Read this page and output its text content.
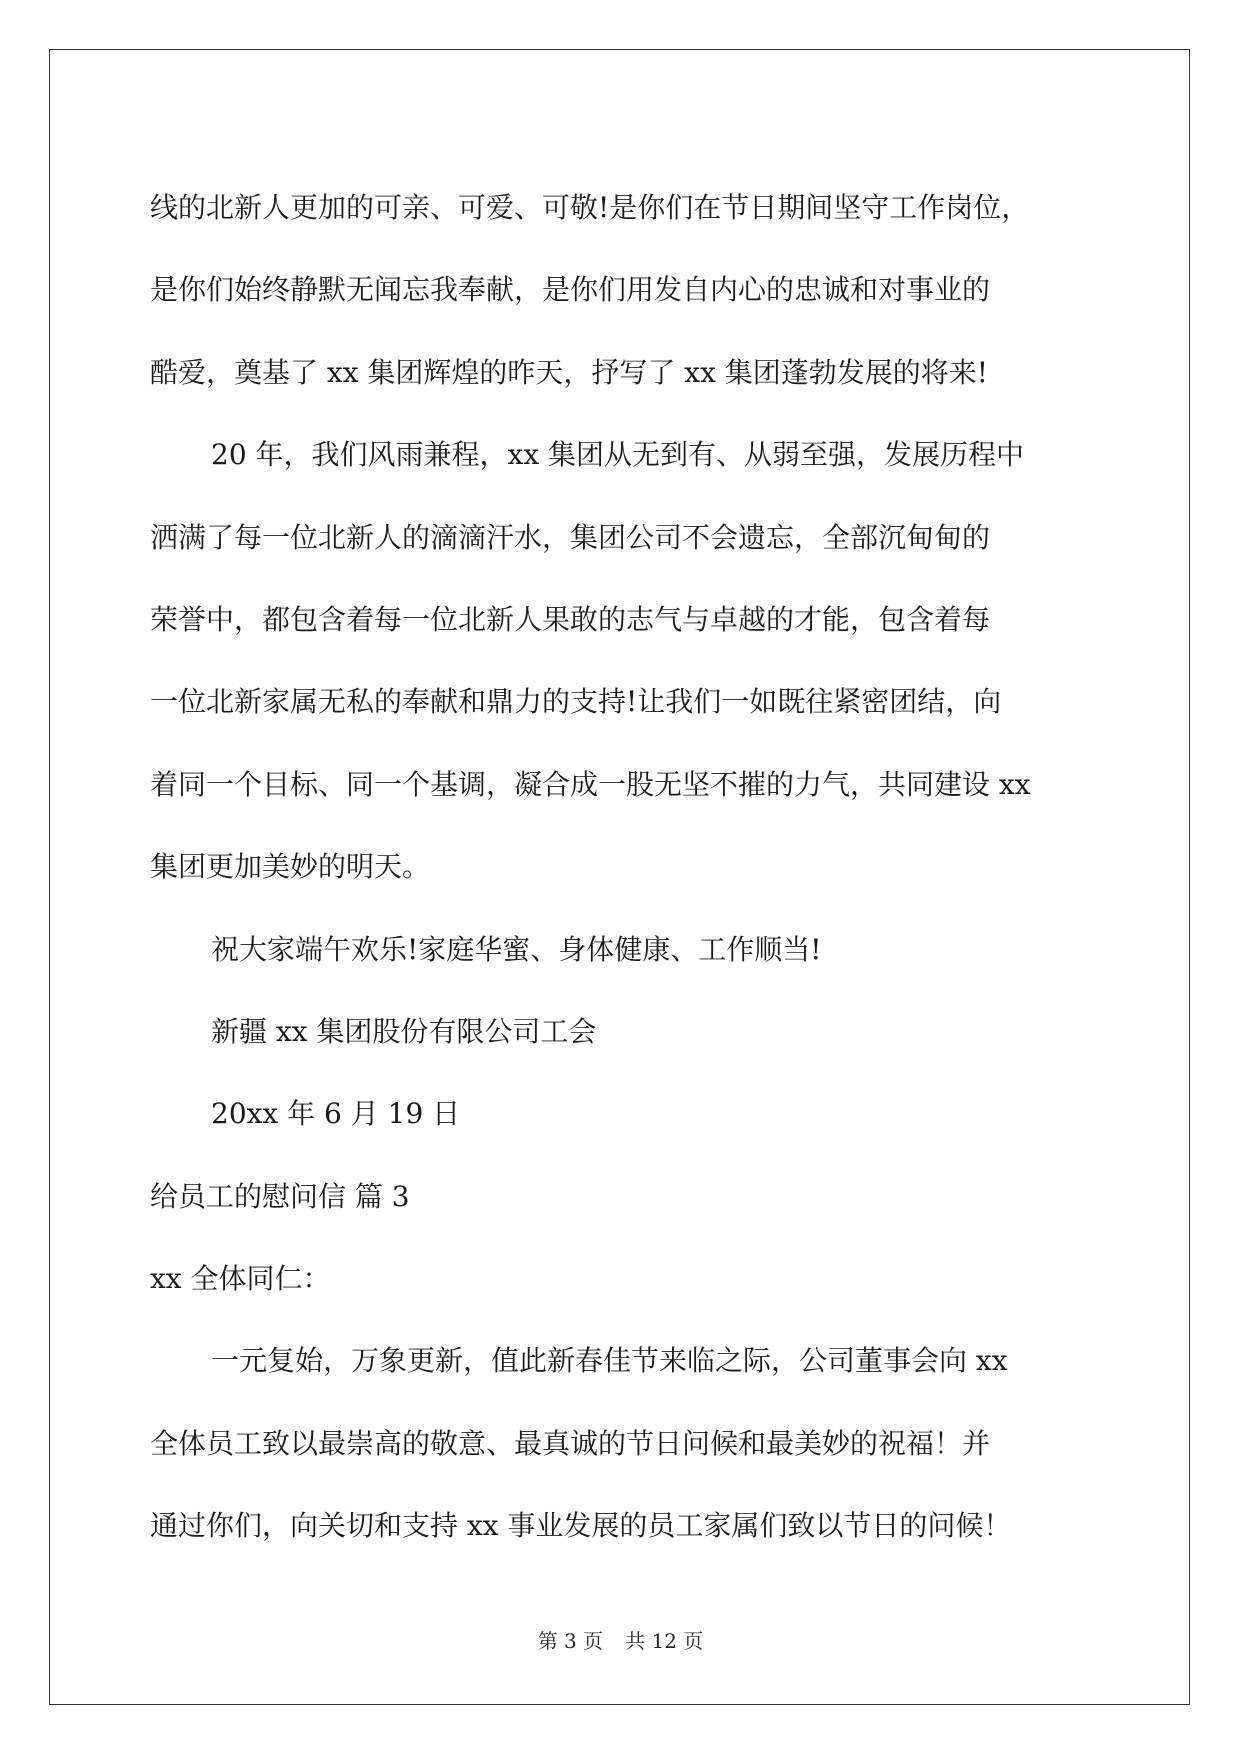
线的北新人更加的可亲、可爱、可敬!是你们在节日期间坚守工作岗位，
是你们始终静默无闻忘我奉献，是你们用发自内心的忠诚和对事业的
酷爱，奠基了 xx 集团辉煌的昨天，抒写了 xx 集团蓬勃发展的将来!
20 年，我们风雨兼程，xx 集团从无到有、从弱至强，发展历程中
洒满了每一位北新人的滴滴汗水，集团公司不会遗忘，全部沉甸甸的
荣誉中，都包含着每一位北新人果敢的志气与卓越的才能，包含着每
一位北新家属无私的奉献和鼎力的支持!让我们一如既往紧密团结，向
着同一个目标、同一个基调，凝合成一股无坚不摧的力气，共同建设 xx
集团更加美妙的明天。
祝大家端午欢乐!家庭华蜜、身体健康、工作顺当!
新疆 xx 集团股份有限公司工会
20xx 年 6 月 19 日
给员工的慰问信 篇 3
xx 全体同仁：
一元复始，万象更新，值此新春佳节来临之际，公司董事会向 xx
全体员工致以最崇高的敬意、最真诚的节日问候和最美妙的祝福！并
通过你们，向关切和支持 xx 事业发展的员工家属们致以节日的问候！
第 3 页 共 12 页
